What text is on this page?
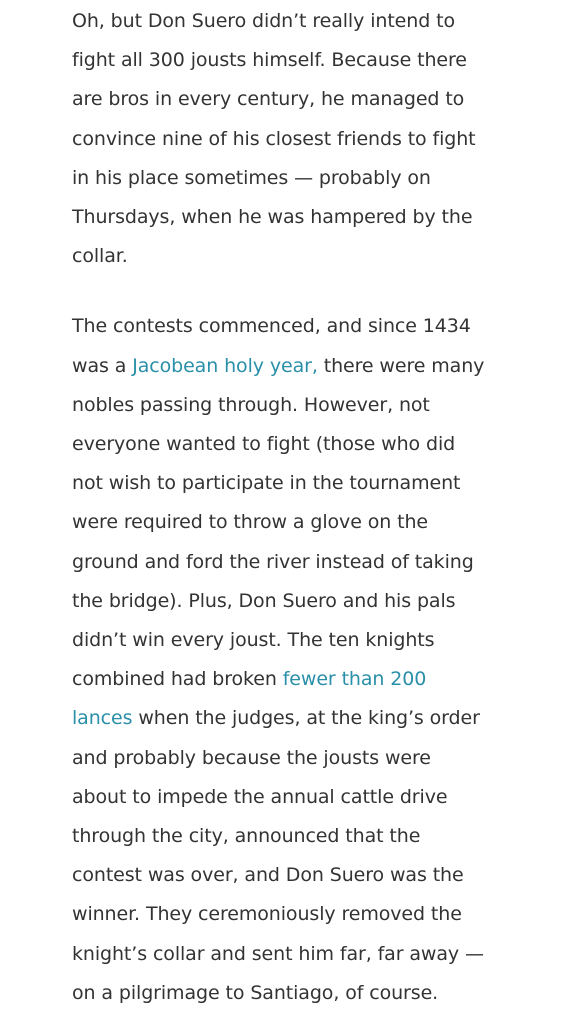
Oh, but Don Suero didn’t really intend to
fight all 300 jousts himself. Because there
are bros in every century, he managed to
convince nine of his closest friends to fight
in his place sometimes — probably on
Thursdays, when he was hampered by the
collar.

The contests commenced, and since 1434
was a Jacobean holy year, there were many
nobles passing through. However, not
everyone wanted to fight (those who did
not wish to participate in the tournament
were required to throw a glove on the
ground and ford the river instead of taking
the bridge). Plus, Don Suero and his pals
didn’t win every joust. The ten knights
combined had broken fewer than 200
lances when the judges, at the king’s order
and probably because the jousts were
about to impede the annual cattle drive
through the city, announced that the
contest was over, and Don Suero was the
winner. They ceremoniously removed the
knight’s collar and sent him far, far away —
on a pilgrimage to Santiago, of course.
